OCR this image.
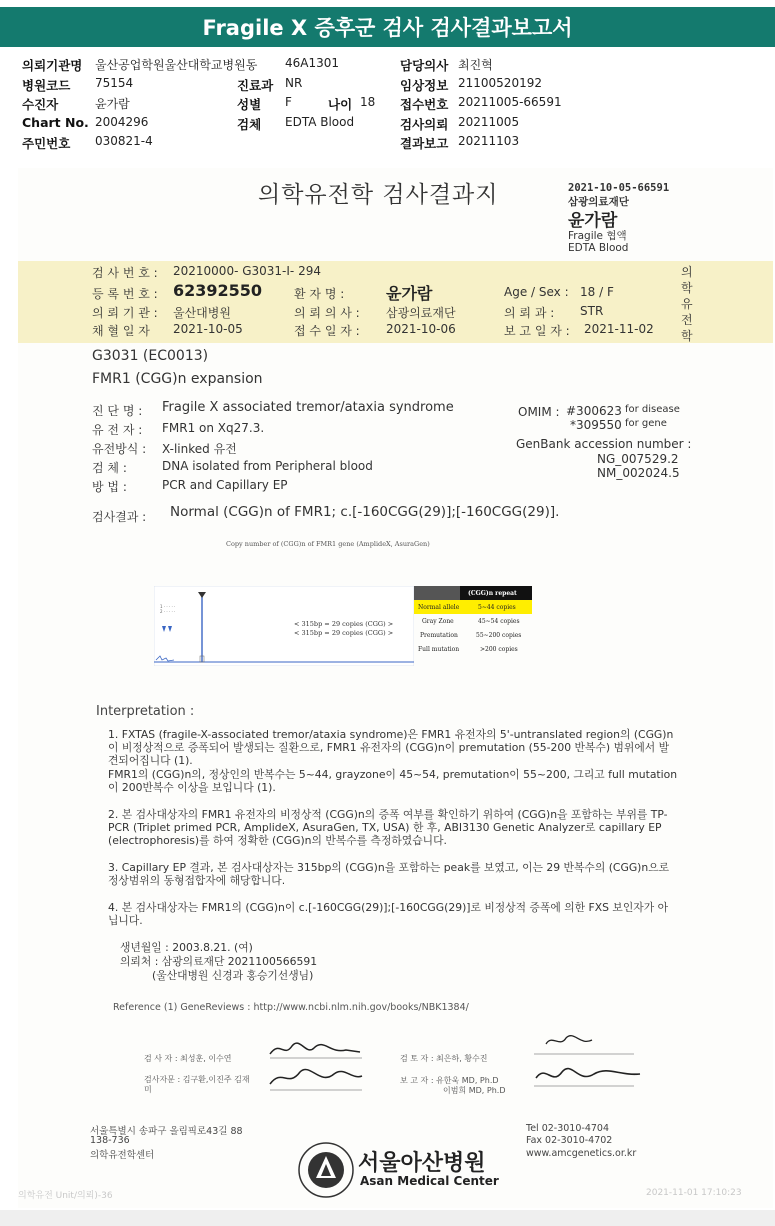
Fragile X 증후군 검사 검사결과보고서
의뢰기관명 울산공업학원울산대학교병원동
병원코드 75154
수진자	윤가람
Chart No. 2004296
주민번호 030821-4
46A1301
진료과 NR
성별 F	나이 18
검체 EDTA Blood
담당의사 최진혁
임상정보 21100520192
접수번호 20211005-66591
검사의뢰 20211005
결과보고 20211103
의학유전학 검사결과지	2021-10-05-66591
삼광의료재단
윤가람
Fragile 협액
EDTA Blood
검 사 번 호 : 20210000- G3031-I- 294
등 록 번 호 : 62392550	환 자 명 :	윤가람	Age / Sex : 18 / F
의 뢰 기 관 : 울산대병원	의 뢰 의 사 : 삼광의료재단	의 뢰 과 : STR
채 혈 일 자 2021-10-05	접 수 일 자 : 2021-10-06	보 고 일 자 : 2021-11-02
의학유전학
G3031 (EC0013)
FMR1 (CGG)n expansion
진 단 명 : Fragile X associated tremor/ataxia syndrome
유 전 자 : FMR1 on Xq27.3.
유전방식 : X-linked 유전
검 체 :	DNA isolated from Peripheral blood
방 법 :	PCR and Capillary EP
OMIM : #300623 for disease
*309550 for gene
GenBank accession number :
NG_007529.2
NM_002024.5
검사결과 : Normal (CGG)n of FMR1; c.[-160CGG(29)];[-160CGG(29)].
Copy number of (CGG)n of FMR1 gene (AmplideX, AsuraGen)
1 · · · · ·
2 · · · · ·
< 315bp = 29 copies (CGG) >
< 315bp = 29 copies (CGG) >
(CGG)n repeat
Normal allele	5~44 copies
Gray Zone	45~54 copies
Premutation	55~200 copies
Full mutation	>200 copies
Interpretation :
1. FXTAS (fragile-X-associated tremor/ataxia syndrome)은 FMR1 유전자의 5'-untranslated region의 (CGG)n 이 비정상적으로 증폭되어 발생되는 질환으로, FMR1 유전자의 (CGG)n이 premutation (55-200 반복수) 범위에서 발견되어집니다 (1).
FMR1의 (CGG)n의, 정상인의 반복수는 5~44, grayzone이 45~54, premutation이 55~200, 그리고 full mutation이 200반복수 이상을 보입니다 (1).
2. 본 검사대상자의 FMR1 유전자의 비정상적 (CGG)n의 증폭 여부를 확인하기 위하여 (CGG)n을 포함하는 부위를 TP-PCR (Triplet primed PCR, AmplideX, AsuraGen, TX, USA) 한 후, ABI3130 Genetic Analyzer로 capillary EP (electrophoresis)를 하여 정확한 (CGG)n의 반복수를 측정하였습니다.
3. Capillary EP 결과, 본 검사대상자는 315bp의 (CGG)n을 포함하는 peak를 보였고, 이는 29 반복수의 (CGG)n으로 정상범위의 동형접합자에 해당합니다.
4. 본 검사대상자는 FMR1의 (CGG)n이 c.[-160CGG(29)];[-160CGG(29)]로 비정상적 증폭에 의한 FXS 보인자가 아닙니다.
생년월일 : 2003.8.21. (여)
의뢰처 : 삼광의료재단 2021100566591
(울산대병원 신경과 홍승기선생님)
Reference (1) GeneReviews : http://www.ncbi.nlm.nih.gov/books/NBK1384/
검 사 자 : 최성훈, 이수연	검 토 자 : 최은하, 황수진
검사자문 : 김구환,이진주 김재미
보 고 자 : 유한욱 MD, Ph.D
이범희 MD, Ph.D
서울특별시 송파구 올림픽로43길 88
138-736
의학유전학센터	서울아산병원
Asan Medical Center
Tel 02-3010-4704
Fax 02-3010-4702
www.amcgenetics.or.kr
의학유전 Unit/의뢰)-36	2021-11-01 17:10:23
